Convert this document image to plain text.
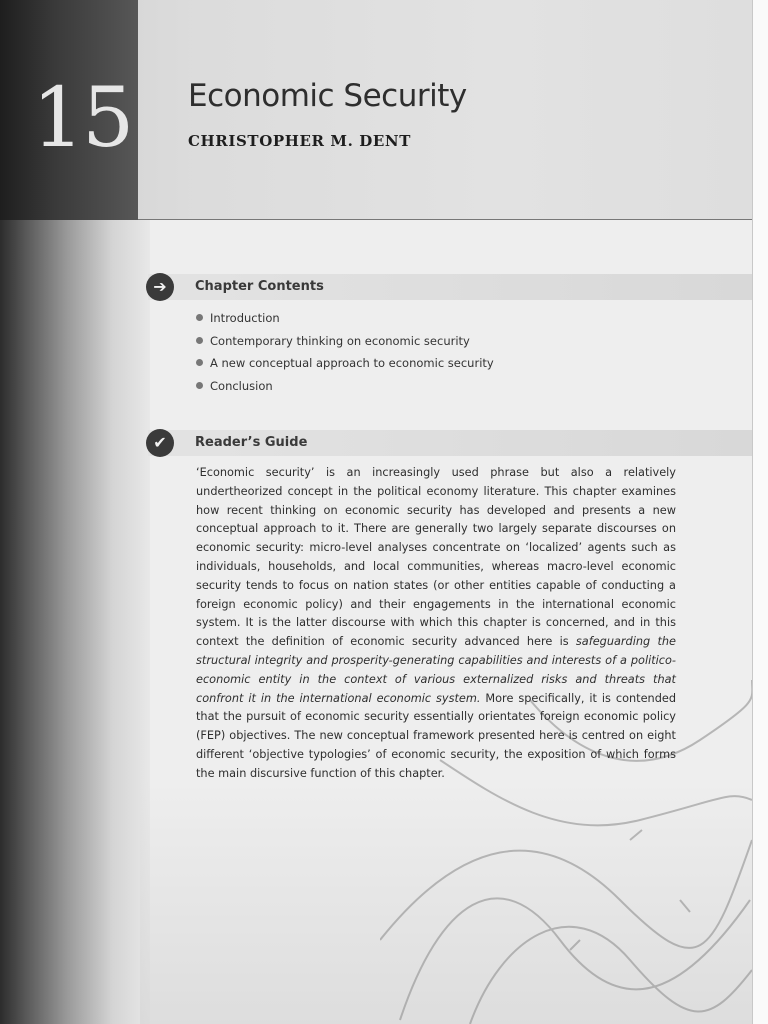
15 Economic Security
CHRISTOPHER M. DENT
➔	Chapter Contents
Introduction
Contemporary thinking on economic security
A new conceptual approach to economic security
Conclusion
✔	Reader’s Guide
‘Economic security’ is an increasingly used phrase but also a relatively undertheorized concept in the political economy literature. This chapter examines how recent thinking on economic security has developed and presents a new conceptual approach to it. There are generally two largely separate discourses on economic security: micro-level analyses concentrate on ‘localized’ agents such as individuals, households, and local communities, whereas macro-level economic security tends to focus on nation states (or other entities capable of conducting a foreign economic policy) and their engagements in the international economic system. It is the latter discourse with which this chapter is concerned, and in this context the definition of economic security advanced here is safeguarding the structural integrity and prosperity-generating capabilities and interests of a politico-economic entity in the context of various externalized risks and threats that confront it in the international economic system. More specifically, it is contended that the pursuit of economic security essentially orientates foreign economic policy (FEP) objectives. The new conceptual framework presented here is centred on eight different ‘objective typologies’ of economic security, the exposition of which forms the main discursive function of this chapter.
